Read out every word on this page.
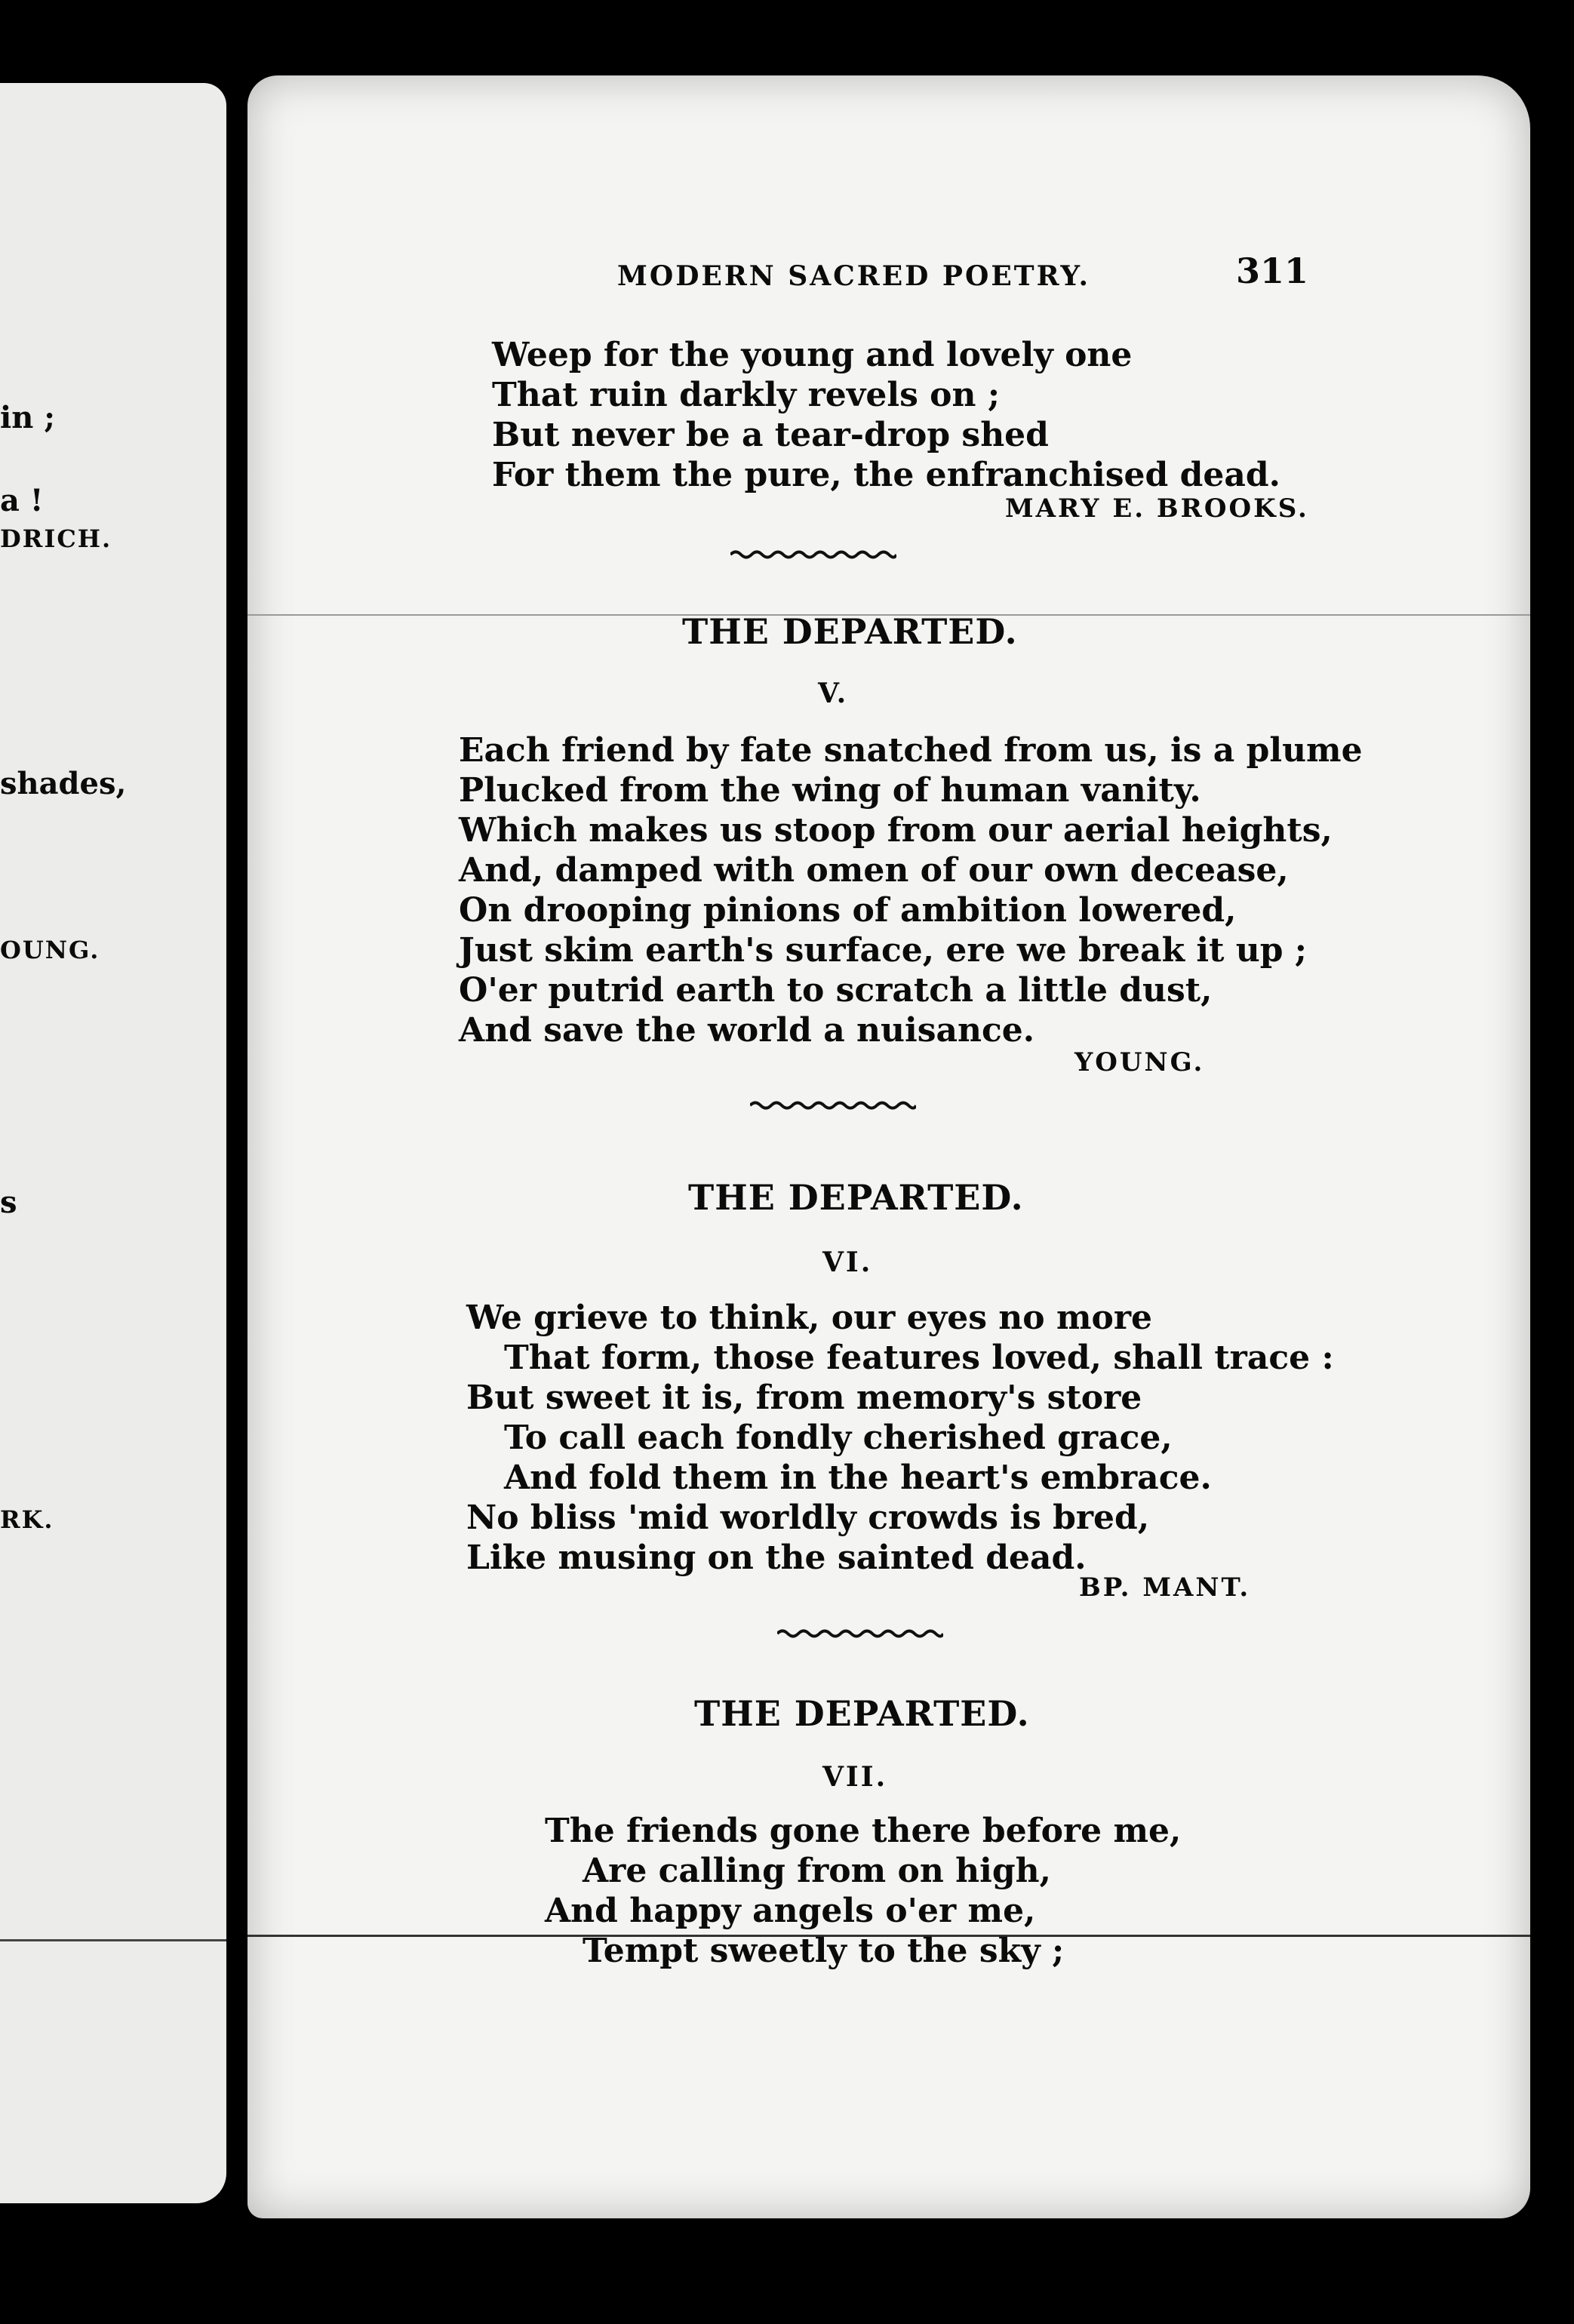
in ;
a !
DRICH.
shades,
OUNG.
s
RK.
MODERN SACRED POETRY.	311
Weep for the young and lovely one
That ruin darkly revels on ;
But never be a tear-drop shed
For them the pure, the enfranchised dead.
MARY E. BROOKS.
THE DEPARTED.
V.
Each friend by fate snatched from us, is a plume
Plucked from the wing of human vanity.
Which makes us stoop from our aerial heights,
And, damped with omen of our own decease,
On drooping pinions of ambition lowered,
Just skim earth's surface, ere we break it up ;
O'er putrid earth to scratch a little dust,
And save the world a nuisance.
YOUNG.
THE DEPARTED.
VI.
We grieve to think, our eyes no more
That form, those features loved, shall trace :
But sweet it is, from memory's store
To call each fondly cherished grace,
And fold them in the heart's embrace.
No bliss 'mid worldly crowds is bred,
Like musing on the sainted dead.
BP. MANT.
THE DEPARTED.
VII.
The friends gone there before me,
Are calling from on high,
And happy angels o'er me,
Tempt sweetly to the sky ;
